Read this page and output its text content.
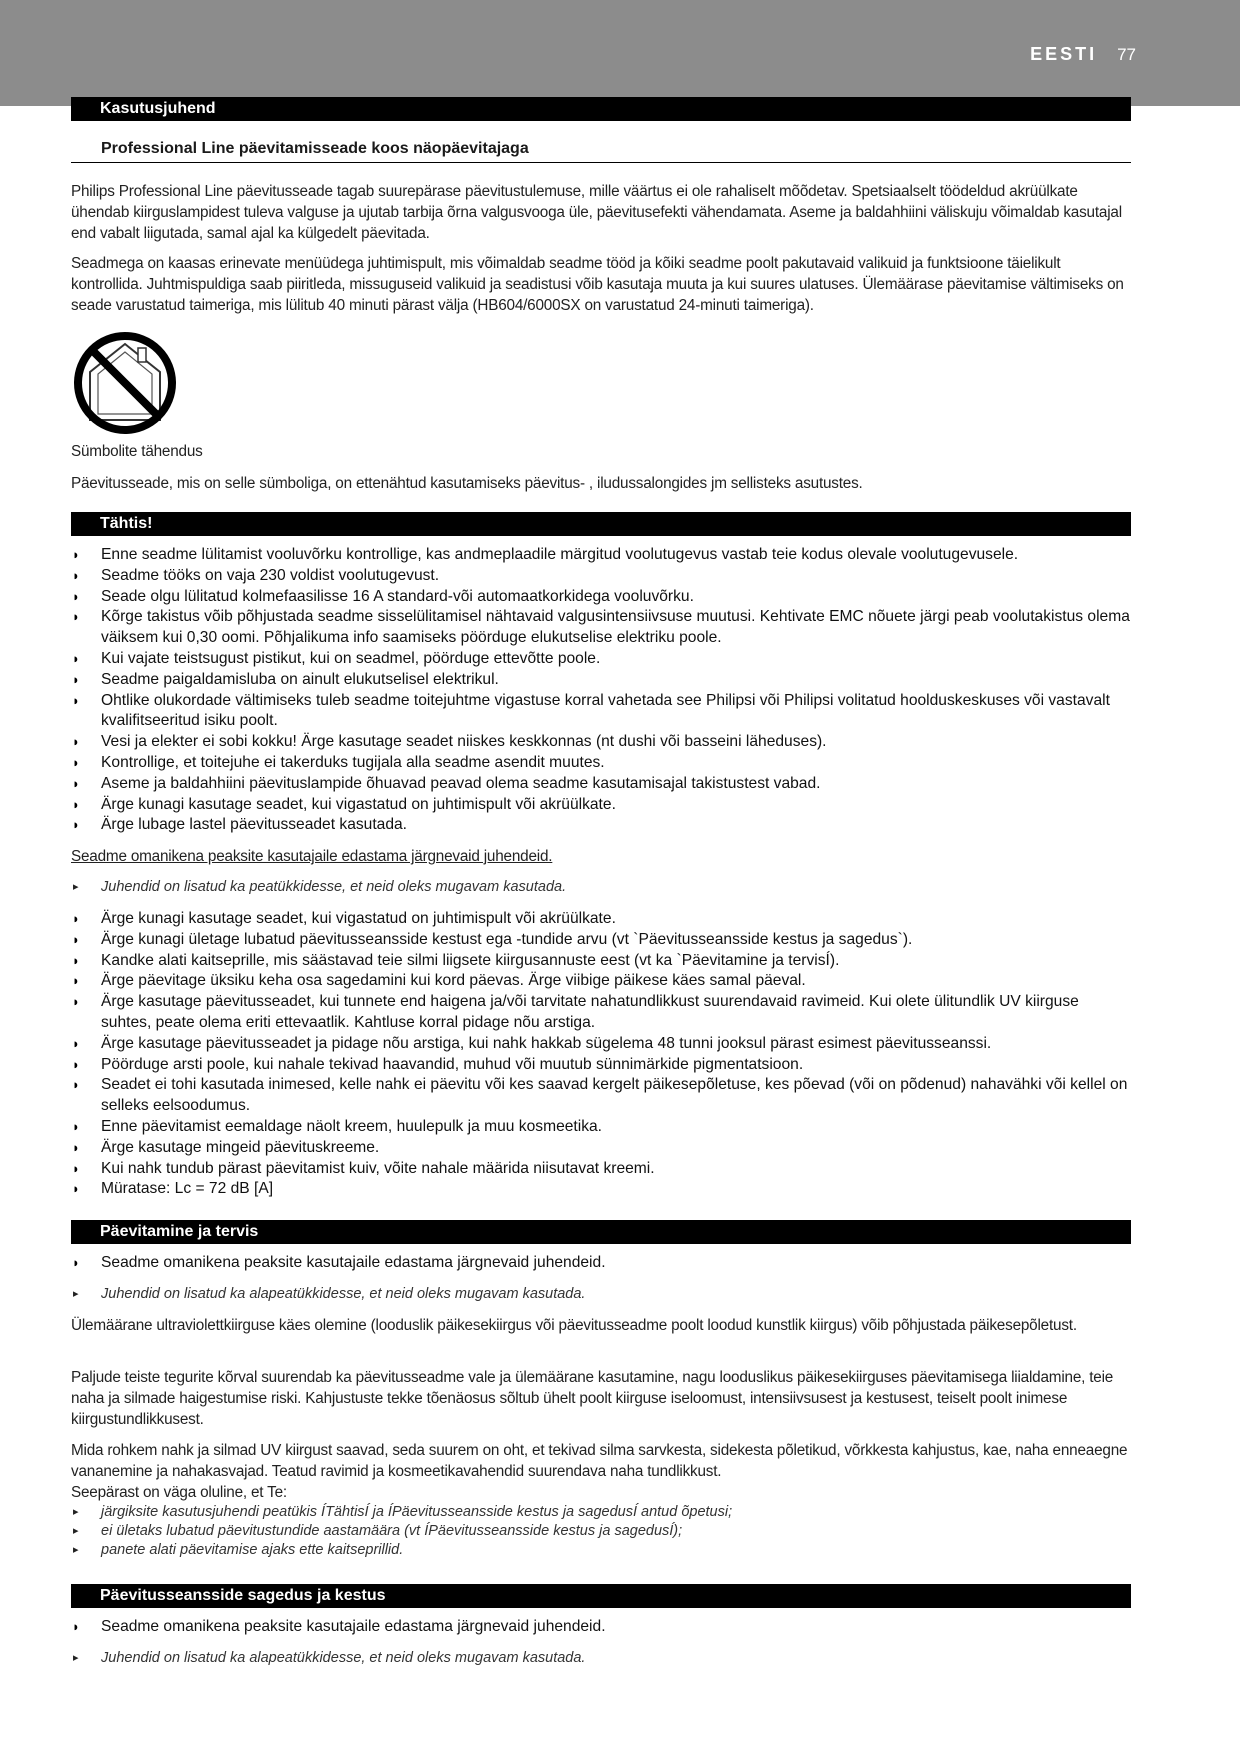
EESTI 77
Kasutusjuhend
Professional Line päevitamisseade koos näopäevitajaga
Philips Professional Line päevitusseade tagab suurepärase päevitustulemuse, mille väärtus ei ole rahaliselt mõõdetav. Spetsiaalselt töödeldud akrüülkate ühendab kiirguslampidest tuleva valguse ja ujutab tarbija õrna valgusvooga üle, päevitusefekti vähendamata. Aseme ja baldahhiini väliskuju võimaldab kasutajal end vabalt liigutada, samal ajal ka külgedelt päevitada.
Seadmega on kaasas erinevate menüüdega juhtimispult, mis võimaldab seadme tööd ja kõiki seadme poolt pakutavaid valikuid ja funktsioone täielikult kontrollida. Juhtmispuldiga saab piiritleda, missuguseid valikuid ja seadistusi võib kasutaja muuta ja kui suures ulatuses. Ülemäärase päevitamise vältimiseks on seade varustatud taimeriga, mis lülitub 40 minuti pärast välja (HB604/6000SX on varustatud 24-minuti taimeriga).
Sümbolite tähendus
Päevitusseade, mis on selle sümboliga, on ettenähtud kasutamiseks päevitus- , iludussalongides jm sellisteks asutustes.
Tähtis!
◗ Enne seadme lülitamist vooluvõrku kontrollige, kas andmeplaadile märgitud voolutugevus vastab teie kodus olevale voolutugevusele.
◗ Seadme tööks on vaja 230 voldist voolutugevust.
◗ Seade olgu lülitatud kolmefaasilisse 16 A standard-või automaatkorkidega vooluvõrku.
◗ Kõrge takistus võib põhjustada seadme sisselülitamisel nähtavaid valgusintensiivsuse muutusi. Kehtivate EMC nõuete järgi peab voolutakistus olema väiksem kui 0,30 oomi. Põhjalikuma info saamiseks pöörduge elukutselise elektriku poole.
◗ Kui vajate teistsugust pistikut, kui on seadmel, pöörduge ettevõtte poole.
◗ Seadme paigaldamisluba on ainult elukutselisel elektrikul.
◗ Ohtlike olukordade vältimiseks tuleb seadme toitejuhtme vigastuse korral vahetada see Philipsi või Philipsi volitatud hoolduskeskuses või vastavalt kvalifitseeritud isiku poolt.
◗ Vesi ja elekter ei sobi kokku! Ärge kasutage seadet niiskes keskkonnas (nt dushi või basseini läheduses).
◗ Kontrollige, et toitejuhe ei takerduks tugijala alla seadme asendit muutes.
◗ Aseme ja baldahhiini päevituslampide õhuavad peavad olema seadme kasutamisajal takistustest vabad.
◗ Ärge kunagi kasutage seadet, kui vigastatud on juhtimispult või akrüülkate.
◗ Ärge lubage lastel päevitusseadet kasutada.
Seadme omanikena peaksite kasutajaile edastama järgnevaid juhendeid.
▸ Juhendid on lisatud ka peatükkidesse, et neid oleks mugavam kasutada.
◗ Ärge kunagi kasutage seadet, kui vigastatud on juhtimispult või akrüülkate.
◗ Ärge kunagi ületage lubatud päevitusseansside kestust ega -tundide arvu (vt `Päevitusseansside kestus ja sagedus`).
◗ Kandke alati kaitseprille, mis säästavad teie silmi liigsete kiirgusannuste eest (vt ka `Päevitamine ja tervisÍ).
◗ Ärge päevitage üksiku keha osa sagedamini kui kord päevas. Ärge viibige päikese käes samal päeval.
◗ Ärge kasutage päevitusseadet, kui tunnete end haigena ja/või tarvitate nahatundlikkust suurendavaid ravimeid. Kui olete ülitundlik UV kiirguse suhtes, peate olema eriti ettevaatlik. Kahtluse korral pidage nõu arstiga.
◗ Ärge kasutage päevitusseadet ja pidage nõu arstiga, kui nahk hakkab sügelema 48 tunni jooksul pärast esimest päevitusseanssi.
◗ Pöörduge arsti poole, kui nahale tekivad haavandid, muhud või muutub sünnimärkide pigmentatsioon.
◗ Seadet ei tohi kasutada inimesed, kelle nahk ei päevitu või kes saavad kergelt päikesepõletuse, kes põevad (või on põdenud) nahavähki või kellel on selleks eelsoodumus.
◗ Enne päevitamist eemaldage näolt kreem, huulepulk ja muu kosmeetika.
◗ Ärge kasutage mingeid päevituskreeme.
◗ Kui nahk tundub pärast päevitamist kuiv, võite nahale määrida niisutavat kreemi.
◗ Müratase: Lc = 72 dB [A]
Päevitamine ja tervis
◗ Seadme omanikena peaksite kasutajaile edastama järgnevaid juhendeid.
▸ Juhendid on lisatud ka alapeatükkidesse, et neid oleks mugavam kasutada.
Ülemäärane ultraviolettkiirguse käes olemine (looduslik päikesekiirgus või päevitusseadme poolt loodud kunstlik kiirgus) võib põhjustada päikesepõletust.
Paljude teiste tegurite kõrval suurendab ka päevitusseadme vale ja ülemäärane kasutamine, nagu looduslikus päikesekiirguses päevitamisega liialdamine, teie naha ja silmade haigestumise riski. Kahjustuste tekke tõenäosus sõltub ühelt poolt kiirguse iseloomust, intensiivsusest ja kestusest, teiselt poolt inimese kiirgustundlikkusest.
Mida rohkem nahk ja silmad UV kiirgust saavad, seda suurem on oht, et tekivad silma sarvkesta, sidekesta põletikud, võrkkesta kahjustus, kae, naha enneaegne vananemine ja nahakasvajad. Teatud ravimid ja kosmeetikavahendid suurendava naha tundlikkust.
Seepärast on väga oluline, et Te:
▸ järgiksite kasutusjuhendi peatükis ÍTähtisÍ ja ÍPäevitusseansside kestus ja sagedusÍ antud õpetusi;
▸ ei ületaks lubatud päevitustundide aastamäära (vt ÍPäevitusseansside kestus ja sagedusÍ);
▸ panete alati päevitamise ajaks ette kaitseprillid.
Päevitusseansside sagedus ja kestus
◗ Seadme omanikena peaksite kasutajaile edastama järgnevaid juhendeid.
▸ Juhendid on lisatud ka alapeatükkidesse, et neid oleks mugavam kasutada.
